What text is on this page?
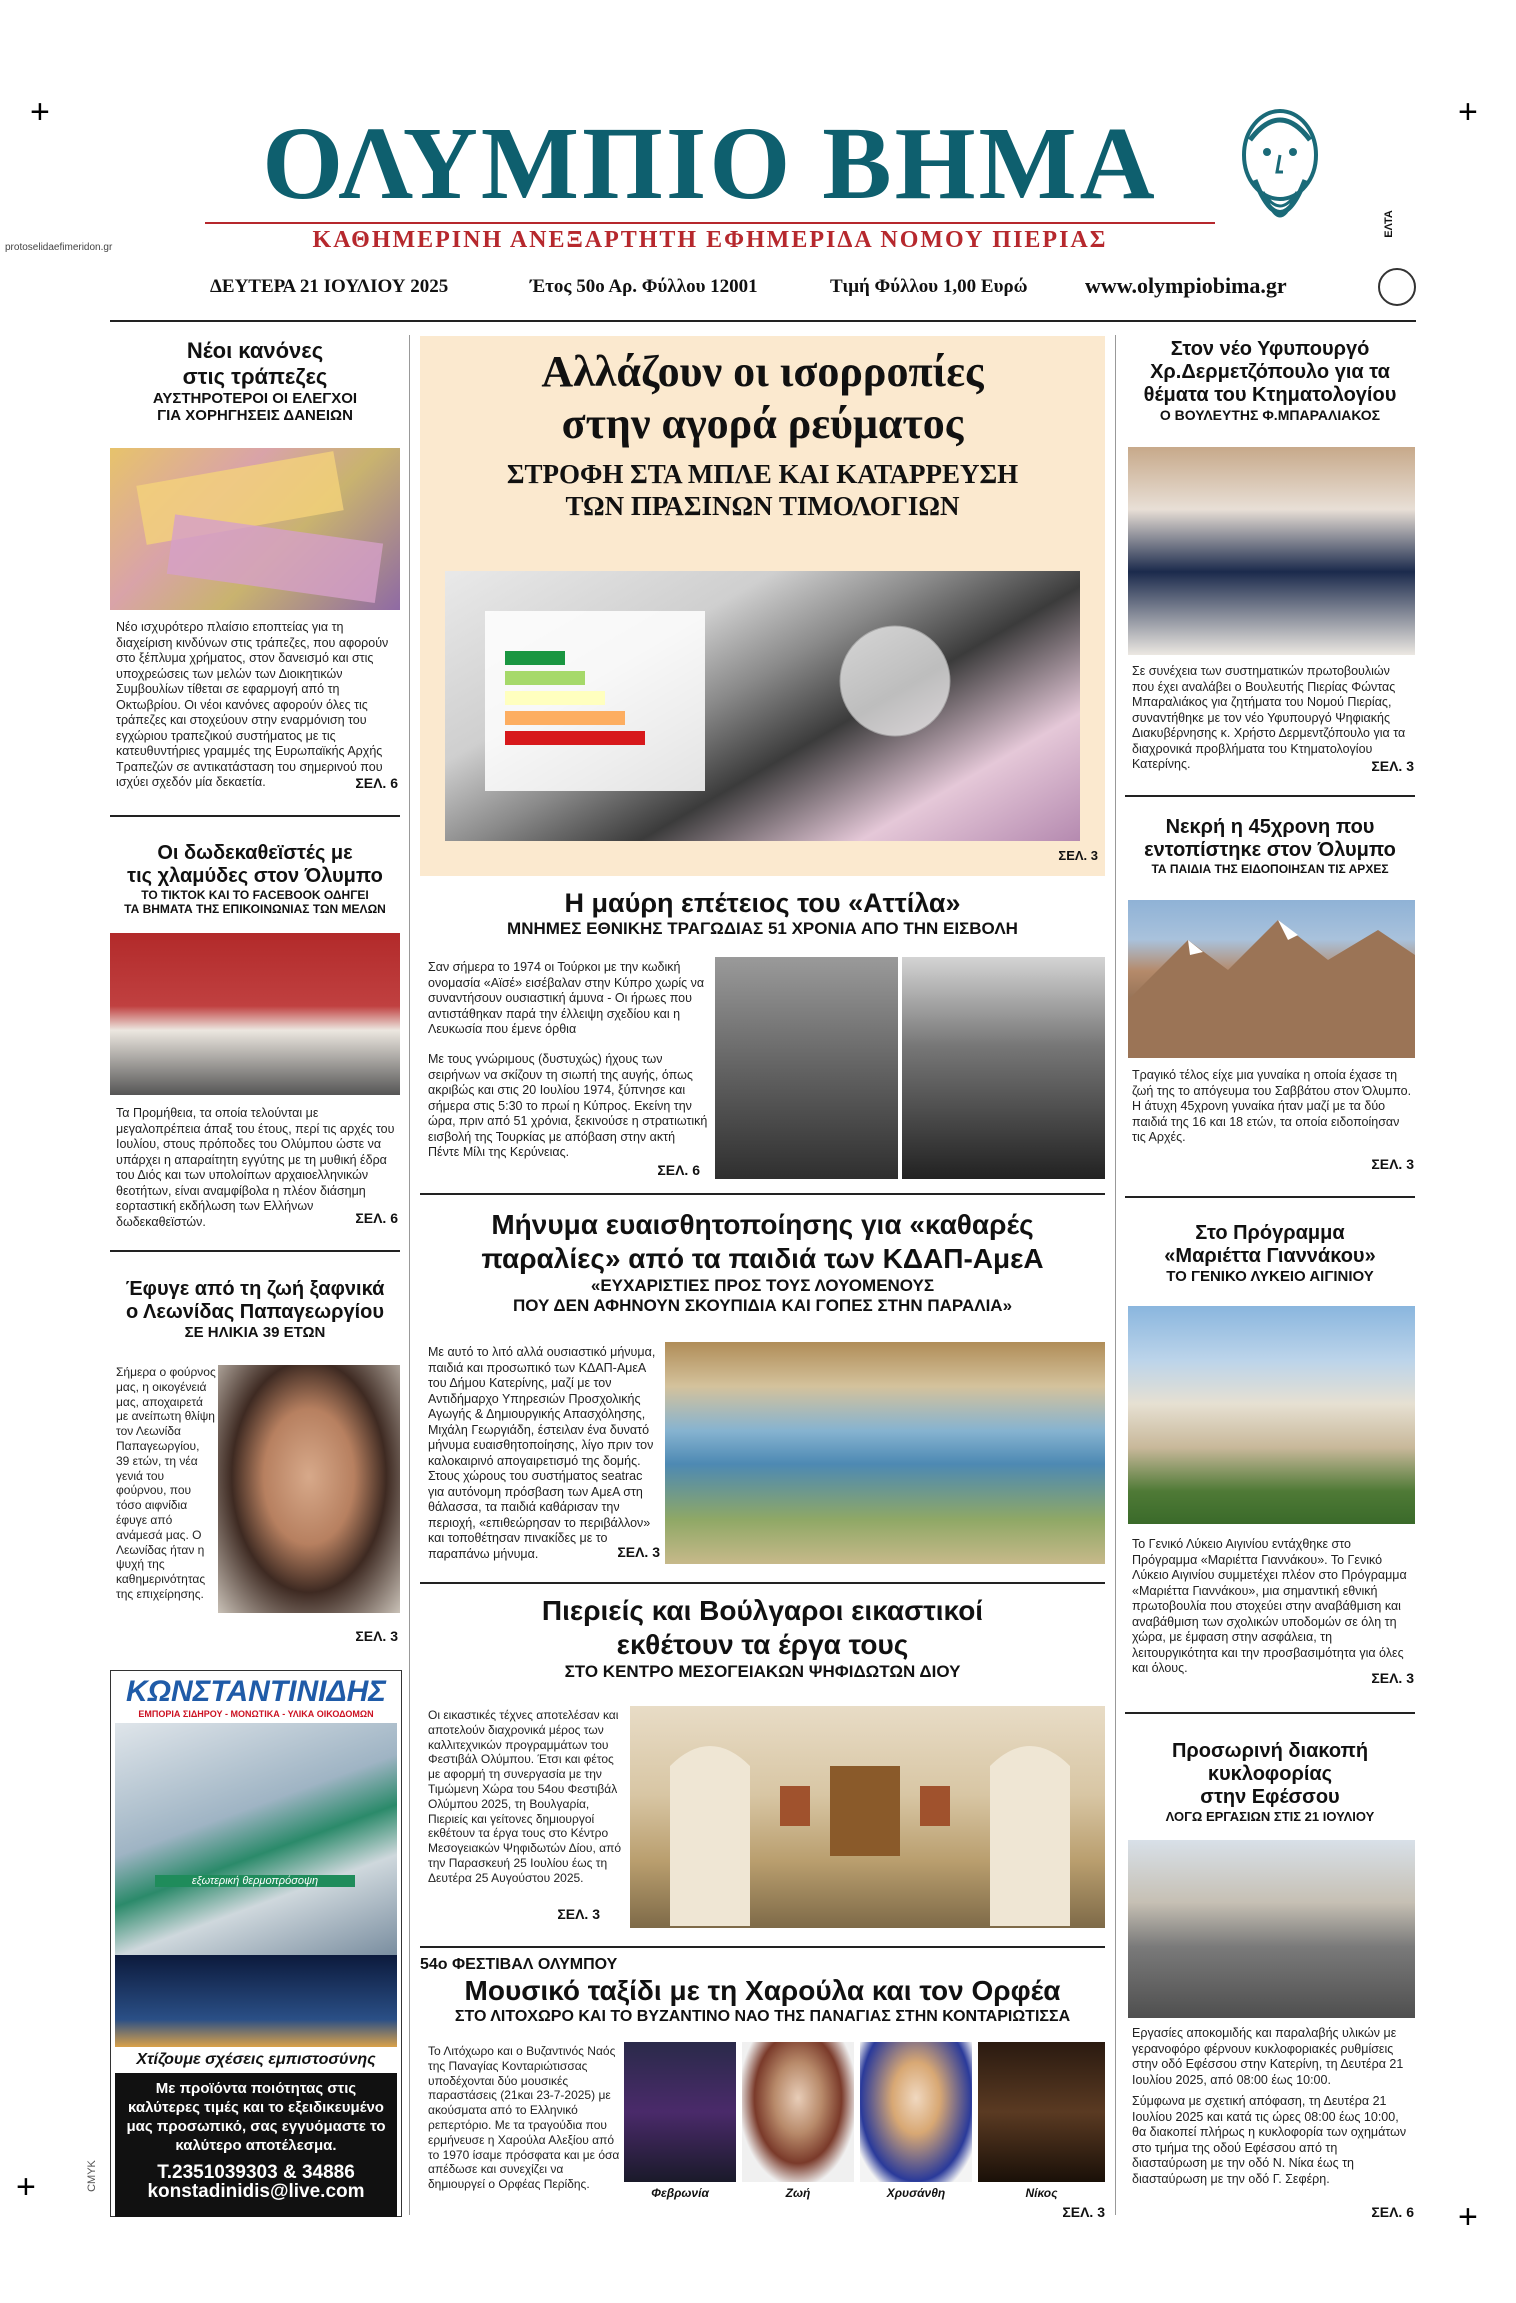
+	+
+
+
ΟΛΥΜΠΙΟ ΒΗΜΑ
ΚΑΘΗΜΕΡΙΝΗ ΑΝΕΞΑΡΤΗΤΗ ΕΦΗΜΕΡΙΔΑ ΝΟΜΟΥ ΠΙΕΡΙΑΣ
ΕΛΤΑ
protoselidaefimeridon.gr
CMYK
ΔΕΥΤΕΡΑ 21 ΙΟΥΛΙΟΥ 2025	Έτος 50ο Αρ. Φύλλου 12001	Τιμή Φύλλου 1,00 Ευρώ	www.olympiobima.gr
Νέοι κανόνες
στις τράπεζες
ΑΥΣΤΗΡΟΤΕΡΟΙ ΟΙ ΕΛΕΓΧΟΙ
ΓΙΑ ΧΟΡΗΓΗΣΕΙΣ ΔΑΝΕΙΩΝ
Νέο ισχυρότερο πλαίσιο εποπτείας για τη διαχείριση κινδύνων στις τράπεζες, που αφορούν στο ξέπλυμα χρήματος, στον δανεισμό και στις υποχρεώσεις των μελών των Διοικητικών Συμβουλίων τίθεται σε εφαρμογή από τη Οκτωβρίου. Οι νέοι κανόνες αφορούν όλες τις τράπεζες και στοχεύουν στην εναρμόνιση του εγχώριου τραπεζικού συστήματος με τις κατευθυντήριες γραμμές της Ευρωπαϊκής Αρχής Τραπεζών σε αντικατάσταση του σημερινού που ισχύει σχεδόν μία δεκαετία.	ΣΕΛ. 6
Οι δωδεκαθεϊστές με
τις χλαμύδες στον Όλυμπο
ΤΟ TIKTOK ΚΑΙ ΤΟ FACEBOOK ΟΔΗΓΕΙ
ΤΑ ΒΗΜΑΤΑ ΤΗΣ ΕΠΙΚΟΙΝΩΝΙΑΣ ΤΩΝ ΜΕΛΩΝ
Τα Προμήθεια, τα οποία τελούνται με μεγαλοπρέπεια άπαξ του έτους, περί τις αρχές του Ιουλίου, στους πρόποδες του Ολύμπου ώστε να υπάρχει η απαραίτητη εγγύτης με τη μυθική έδρα του Διός και των υπολοίπων αρχαιοελληνικών θεοτήτων, είναι αναμφίβολα η πλέον διάσημη εορταστική εκδήλωση των Ελλήνων δωδεκαθεϊστών.	ΣΕΛ. 6
Έφυγε από τη ζωή ξαφνικά
ο Λεωνίδας Παπαγεωργίου
ΣΕ ΗΛΙΚΙΑ 39 ΕΤΩΝ
Σήμερα ο φούρνος μας, η οικογένειά μας, αποχαιρετά με ανείπωτη θλίψη τον Λεωνίδα Παπαγεωργίου, 39 ετών, τη νέα γενιά του φούρνου, που τόσο αιφνίδια έφυγε από ανάμεσά μας. Ο Λεωνίδας ήταν η ψυχή της καθημερινότητας της επιχείρησης.
ΣΕΛ. 3
ΚΩΝΣΤΑΝΤΙΝΙΔΗΣ
ΕΜΠΟΡΙΑ ΣΙΔΗΡΟΥ - ΜΟΝΩΤΙΚΑ - ΥΛΙΚΑ ΟΙΚΟΔΟΜΩΝ
εξωτερική θερμοπρόσοψη
Χτίζουμε σχέσεις εμπιστοσύνης
Με προϊόντα ποιότητας στις καλύτερες τιμές και το εξειδικευμένο μας προσωπικό, σας εγγυόμαστε το καλύτερο αποτέλεσμα.
T.2351039303 & 34886
konstadinidis@live.com
Αλλάζουν οι ισορροπίες
στην αγορά ρεύματος
ΣΤΡΟΦΗ ΣΤΑ ΜΠΛΕ ΚΑΙ ΚΑΤΑΡΡΕΥΣΗ
ΤΩΝ ΠΡΑΣΙΝΩΝ ΤΙΜΟΛΟΓΙΩΝ
ΣΕΛ. 3
Η μαύρη επέτειος του «Αττίλα»
ΜΝΗΜΕΣ ΕΘΝΙΚΗΣ ΤΡΑΓΩΔΙΑΣ 51 ΧΡΟΝΙΑ ΑΠΟ ΤΗΝ ΕΙΣΒΟΛΗ
Σαν σήμερα το 1974 οι Τούρκοι με την κωδική ονομασία «Αϊσέ» εισέβαλαν στην Κύπρο χωρίς να συναντήσουν ουσιαστική άμυνα - Οι ήρωες που αντιστάθηκαν παρά την έλλειψη σχεδίου και η Λευκωσία που έμενε όρθια
Με τους γνώριμους (δυστυχώς) ήχους των σειρήνων να σκίζουν τη σιωπή της αυγής, όπως ακριβώς και στις 20 Ιουλίου 1974, ξύπνησε και σήμερα στις 5:30 το πρωί η Κύπρος. Εκείνη την ώρα, πριν από 51 χρόνια, ξεκινούσε η στρατιωτική εισβολή της Τουρκίας με απόβαση στην ακτή Πέντε Μίλι της Κερύνειας.
ΣΕΛ. 6
Μήνυμα ευαισθητοποίησης για «καθαρές
παραλίες» από τα παιδιά των ΚΔΑΠ-ΑμεΑ
«ΕΥΧΑΡΙΣΤΙΕΣ ΠΡΟΣ ΤΟΥΣ ΛΟΥΟΜΕΝΟΥΣ
ΠΟΥ ΔΕΝ ΑΦΗΝΟΥΝ ΣΚΟΥΠΙΔΙΑ ΚΑΙ ΓΟΠΕΣ ΣΤΗΝ ΠΑΡΑΛΙΑ»
Με αυτό το λιτό αλλά ουσιαστικό μήνυμα, παιδιά και προσωπικό των ΚΔΑΠ-ΑμεΑ του Δήμου Κατερίνης, μαζί με τον Αντιδήμαρχο Υπηρεσιών Προσχολικής Αγωγής & Δημιουργικής Απασχόλησης, Μιχάλη Γεωργιάδη, έστειλαν ένα δυνατό μήνυμα ευαισθητοποίησης, λίγο πριν τον καλοκαιρινό απογαιρετισμό της δομής. Στους χώρους του συστήματος seatrac για αυτόνομη πρόσβαση των ΑμεΑ στη θάλασσα, τα παιδιά καθάρισαν την περιοχή, «επιθεώρησαν το περιβάλλον» και τοποθέτησαν πινακίδες με το παραπάνω μήνυμα.	ΣΕΛ. 3
Πιεριείς και Βούλγαροι εικαστικοί
εκθέτουν τα έργα τους
ΣΤΟ ΚΕΝΤΡΟ ΜΕΣΟΓΕΙΑΚΩΝ ΨΗΦΙΔΩΤΩΝ ΔΙΟΥ
Οι εικαστικές τέχνες αποτελέσαν και αποτελούν διαχρονικά μέρος των καλλιτεχνικών προγραμμάτων του Φεστιβάλ Ολύμπου. Έτσι και φέτος με αφορμή τη συνεργασία με την Τιμώμενη Χώρα του 54ου Φεστιβάλ Ολύμπου 2025, τη Βουλγαρία, Πιεριείς και γείτονες δημιουργοί εκθέτουν τα έργα τους στο Κέντρο Μεσογειακών Ψηφιδωτών Δίου, από την Παρασκευή 25 Ιουλίου έως τη Δευτέρα 25 Αυγούστου 2025.
ΣΕΛ. 3
54ο ΦΕΣΤΙΒΑΛ ΟΛΥΜΠΟΥ
Μουσικό ταξίδι με τη Χαρούλα και τον Ορφέα
ΣΤΟ ΛΙΤΟΧΩΡΟ ΚΑΙ ΤΟ ΒΥΖΑΝΤΙΝΟ ΝΑΟ ΤΗΣ ΠΑΝΑΓΙΑΣ ΣΤΗΝ ΚΟΝΤΑΡΙΩΤΙΣΣΑ
Το Λιτόχωρο και ο Βυζαντινός Ναός της Παναγίας Κονταριώτισσας υποδέχονται δύο μουσικές παραστάσεις (21και 23-7-2025) με ακούσματα από το Ελληνικό ρεπερτόριο. Με τα τραγούδια που ερμήνευσε η Χαρούλα Αλεξίου από το 1970 ίσαμε πρόσφατα και με όσα απέδωσε και συνεχίζει να δημιουργεί ο Ορφέας Περίδης.
Φεβρωνία	Ζωή	Χρυσάνθη	Νίκος
ΣΕΛ. 3
Στον νέο Υφυπουργό
Χρ.Δερμετζόπουλο για τα
θέματα του Κτηματολογίου
Ο ΒΟΥΛΕΥΤΗΣ Φ.ΜΠΑΡΑΛΙΑΚΟΣ
Σε συνέχεια των συστηματικών πρωτοβουλιών που έχει αναλάβει ο Βουλευτής Πιερίας Φώντας Μπαραλιάκος για ζητήματα του Νομού Πιερίας, συναντήθηκε με τον νέο Υφυπουργό Ψηφιακής Διακυβέρνησης κ. Χρήστο Δερμεντζόπουλο για τα διαχρονικά προβλήματα του Κτηματολογίου Κατερίνης.	ΣΕΛ. 3
Νεκρή η 45χρονη που
εντοπίστηκε στον Όλυμπο
ΤΑ ΠΑΙΔΙΑ ΤΗΣ ΕΙΔΟΠΟΙΗΣΑΝ ΤΙΣ ΑΡΧΕΣ
Τραγικό τέλος είχε μια γυναίκα η οποία έχασε τη ζωή της το απόγευμα του Σαββάτου στον Όλυμπο. Η άτυχη 45χρονη γυναίκα ήταν μαζί με τα δύο παιδιά της 16 και 18 ετών, τα οποία ειδοποίησαν τις Αρχές.
ΣΕΛ. 3
Στο Πρόγραμμα
«Μαριέττα Γιαννάκου»
ΤΟ ΓΕΝΙΚΟ ΛΥΚΕΙΟ ΑΙΓΙΝΙΟΥ
Το Γενικό Λύκειο Αιγινίου εντάχθηκε στο Πρόγραμμα «Μαριέττα Γιαννάκου». Το Γενικό Λύκειο Αιγινίου συμμετέχει πλέον στο Πρόγραμμα «Μαριέττα Γιαννάκου», μια σημαντική εθνική πρωτοβουλία που στοχεύει στην αναβάθμιση και αναβάθμιση των σχολικών υποδομών σε όλη τη χώρα, με έμφαση στην ασφάλεια, τη λειτουργικότητα και την προσβασιμότητα για όλες και όλους.
ΣΕΛ. 3
Προσωρινή διακοπή
κυκλοφορίας
στην Εφέσσου
ΛΟΓΩ ΕΡΓΑΣΙΩΝ ΣΤΙΣ 21 ΙΟΥΛΙΟΥ
Εργασίες αποκομιδής και παραλαβής υλικών με γερανοφόρο φέρνουν κυκλοφοριακές ρυθμίσεις στην οδό Εφέσσου στην Κατερίνη, τη Δευτέρα 21 Ιουλίου 2025, από 08:00 έως 10:00.
Σύμφωνα με σχετική απόφαση, τη Δευτέρα 21 Ιουλίου 2025 και κατά τις ώρες 08:00 έως 10:00, θα διακοπεί πλήρως η κυκλοφορία των οχημάτων στο τμήμα της οδού Εφέσσου από τη διασταύρωση με την οδό Ν. Νίκα έως τη διασταύρωση με την οδό Γ. Σεφέρη.
ΣΕΛ. 6
